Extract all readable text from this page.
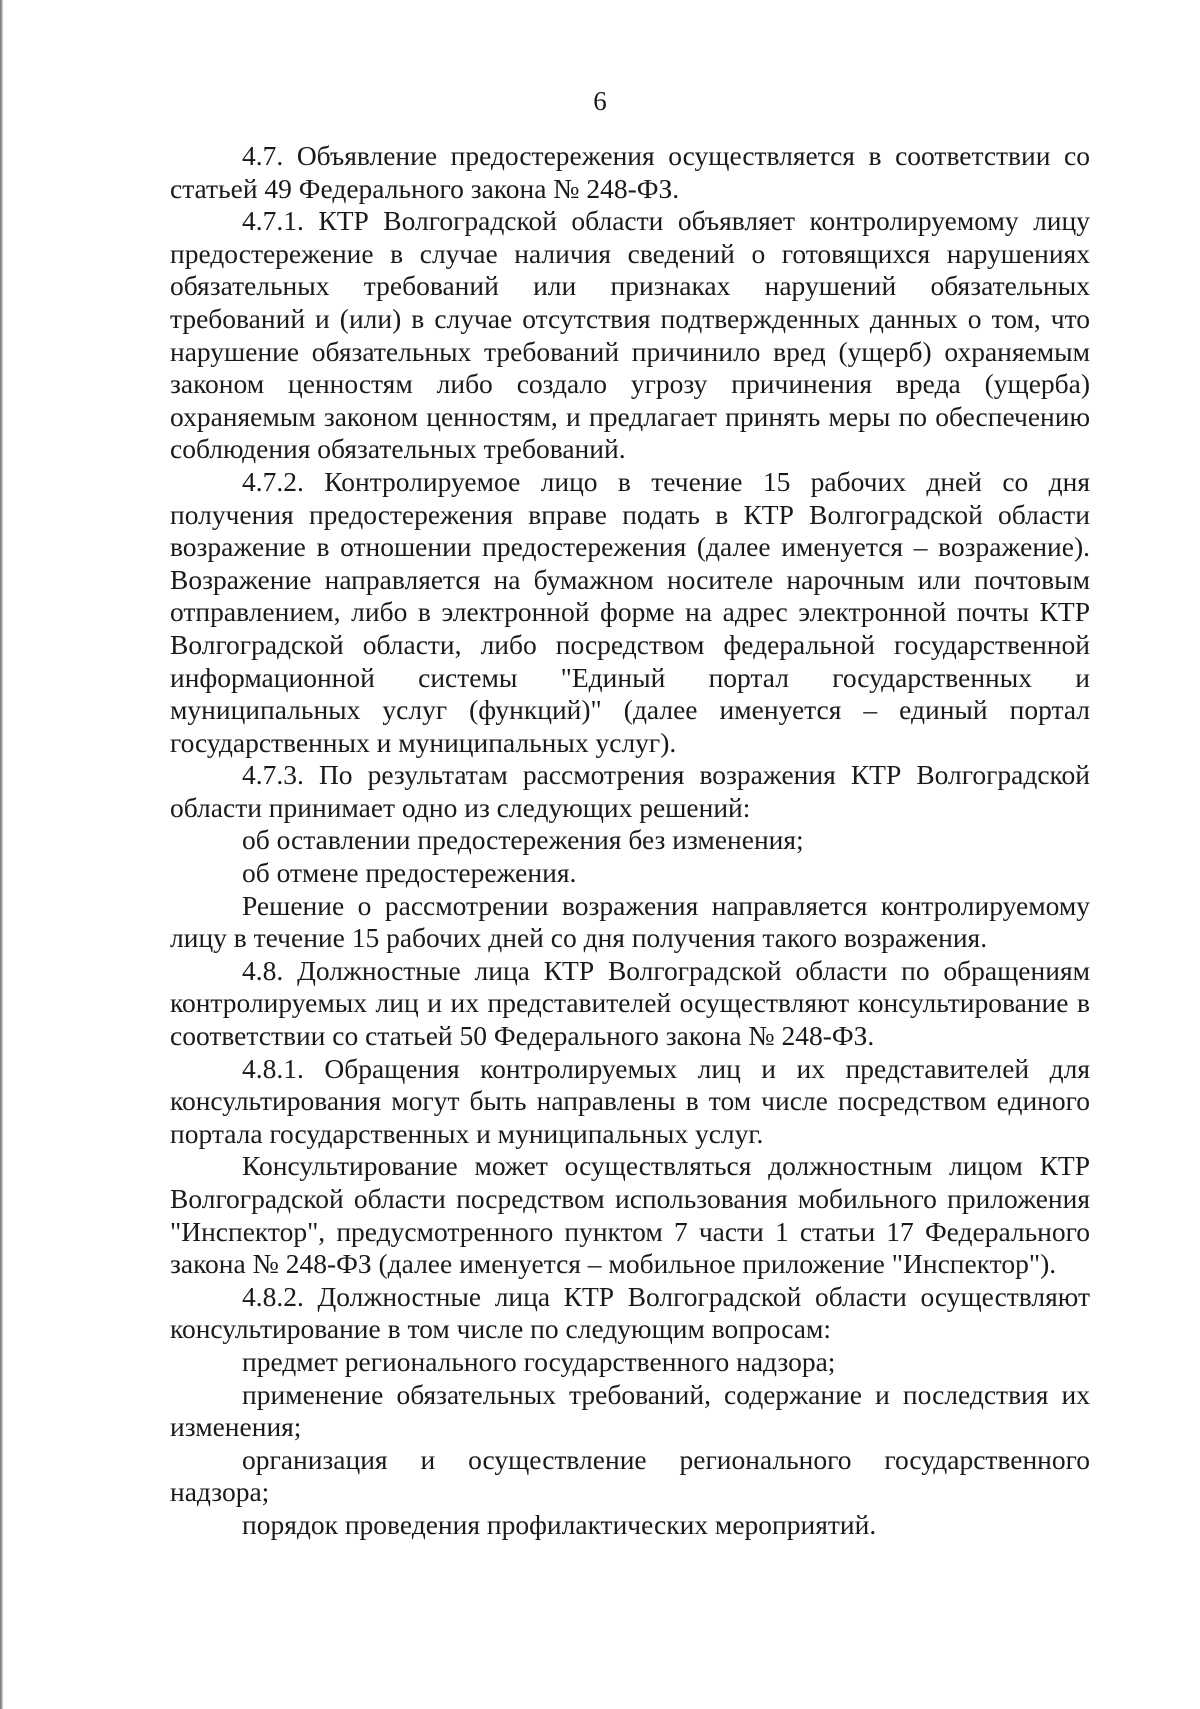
6

4.7. Объявление предостережения осуществляется в соответствии со статьей 49 Федерального закона № 248-ФЗ.

4.7.1. КТР Волгоградской области объявляет контролируемому лицу предостережение в случае наличия сведений о готовящихся нарушениях обязательных требований или признаках нарушений обязательных требований и (или) в случае отсутствия подтвержденных данных о том, что нарушение обязательных требований причинило вред (ущерб) охраняемым законом ценностям либо создало угрозу причинения вреда (ущерба) охраняемым законом ценностям, и предлагает принять меры по обеспечению соблюдения обязательных требований.

4.7.2. Контролируемое лицо в течение 15 рабочих дней со дня получения предостережения вправе подать в КТР Волгоградской области возражение в отношении предостережения (далее именуется – возражение). Возражение направляется на бумажном носителе нарочным или почтовым отправлением, либо в электронной форме на адрес электронной почты КТР Волгоградской области, либо посредством федеральной государственной информационной системы "Единый портал государственных и муниципальных услуг (функций)" (далее именуется – единый портал государственных и муниципальных услуг).

4.7.3. По результатам рассмотрения возражения КТР Волгоградской области принимает одно из следующих решений:

об оставлении предостережения без изменения;

об отмене предостережения.

Решение о рассмотрении возражения направляется контролируемому лицу в течение 15 рабочих дней со дня получения такого возражения.

4.8. Должностные лица КТР Волгоградской области по обращениям контролируемых лиц и их представителей осуществляют консультирование в соответствии со статьей 50 Федерального закона № 248-ФЗ.

4.8.1. Обращения контролируемых лиц и их представителей для консультирования могут быть направлены в том числе посредством единого портала государственных и муниципальных услуг.

Консультирование может осуществляться должностным лицом КТР Волгоградской области посредством использования мобильного приложения "Инспектор", предусмотренного пунктом 7 части 1 статьи 17 Федерального закона № 248-ФЗ (далее именуется – мобильное приложение "Инспектор").

4.8.2. Должностные лица КТР Волгоградской области осуществляют консультирование в том числе по следующим вопросам:

предмет регионального государственного надзора;

применение обязательных требований, содержание и последствия их изменения;

организация и осуществление регионального государственного надзора;

порядок проведения профилактических мероприятий.
